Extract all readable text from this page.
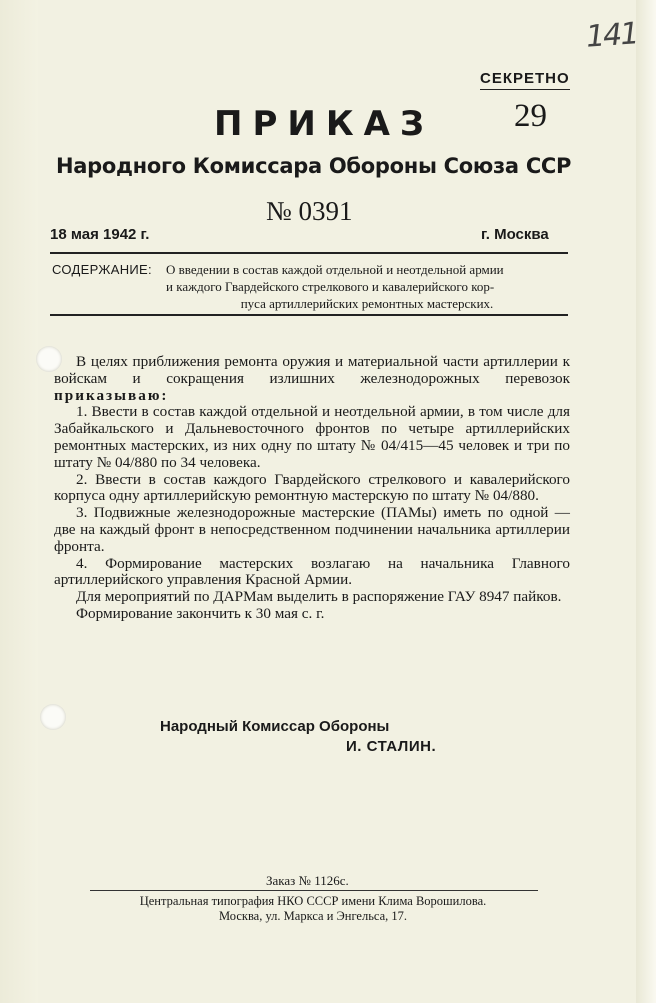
141
СЕКРЕТНО
29
ПРИКАЗ
Народного Комиссара Обороны Союза ССР
№ 0391
18 мая 1942 г.	г. Москва
СОДЕРЖАНИЕ: О введении в состав каждой отдельной и неотдельной армии
и каждого Гвардейского стрелкового и кавалерийского кор-
пуса артиллерийских ремонтных мастерских.

В целях приближения ремонта оружия и материальной части артиллерии к войскам и сокращения излишних железнодорожных перевозок приказываю:

1. Ввести в состав каждой отдельной и неотдельной армии, в том числе для Забайкальского и Дальневосточного фронтов по четыре артиллерийских ремонтных мастерских, из них одну по штату № 04/415—45 человек и три по штату № 04/880 по 34 человека.

2. Ввести в состав каждого Гвардейского стрелкового и кавалерийского корпуса одну артиллерийскую ремонтную мастерскую по штату № 04/880.

3. Подвижные железнодорожные мастерские (ПАМы) иметь по одной — две на каждый фронт в непосредственном подчинении начальника артиллерии фронта.

4. Формирование мастерских возлагаю на начальника Главного артиллерийского управления Красной Армии.

Для мероприятий по ДАРМам выделить в распоряжение ГАУ 8947 пайков.

Формирование закончить к 30 мая с. г.

Народный Комиссар Обороны
И. СТАЛИН.
Заказ № 1126с.
Центральная типография НКО СССР имени Клима Ворошилова.
Москва, ул. Маркса и Энгельса, 17.
